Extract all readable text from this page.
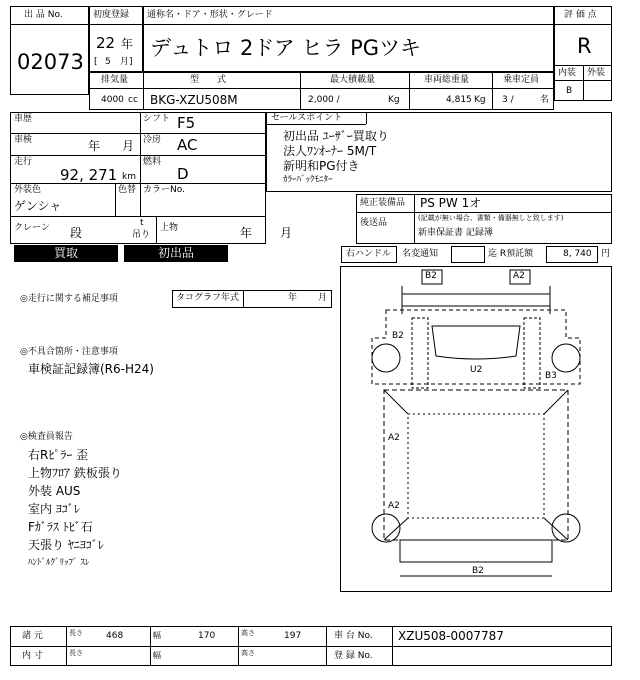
出 品 No.
02073
初度登録
22 年
[ 5 月]
通称名・ドア・形状・グレード
デュトロ 2ドア ヒラ PGツキ
評 価 点
R
内装 外装
B
排気量
4000 cc
型　　式
BKG-XZU508M
最大積載量
2,000 /	Kg
車両総重量
4,815 Kg
乗車定員
3 /	名
車歴	シフト F5
車検	年 月 冷房 AC
走行
92, 271 km
燃料
D
外装色
ゲンシャ
色替 カラーNo.
クレーン 段
t
吊り
上物	年 月
セールスポイント
初出品 ﾕｰｻﾞｰ買取り
法人ﾜﾝｵｰﾅｰ 5M/T
新明和PG付き
ｶﾗｰﾊﾞｯｸﾓﾆﾀｰ
純正装備品 PS PW 1オ
後送品	(記載が無い場合、書類・備器無しと致します)
新車保証書 記録簿
買取	初出品	右ハンドル 名変通知	迄 R預託額	8, 740 円
◎走行に関する補足事項	タコグラフ年式	年 月
◎不具合箇所・注意事項
車検証記録簿(R6-H24)
◎検査員報告
右Rﾋﾟﾗｰ 歪
上物ﾌﾛｱ 鉄板張り
外装 AUS
室内 ﾖｺﾞﾚ
Fｶﾞﾗｽ ﾄﾋﾞ石
天張り ﾔﾆﾖｺﾞﾚ
ﾊﾝﾄﾞﾙｸﾞﾘｯﾌﾟ ｽﾚ
B2	A2
B2
U2
B3
A2
A2
B2
諸 元	長さ	468	幅	170	高さ	197	車 台 No. XZU508-0007787
内 寸	長さ	幅	高さ	登 録 No.
